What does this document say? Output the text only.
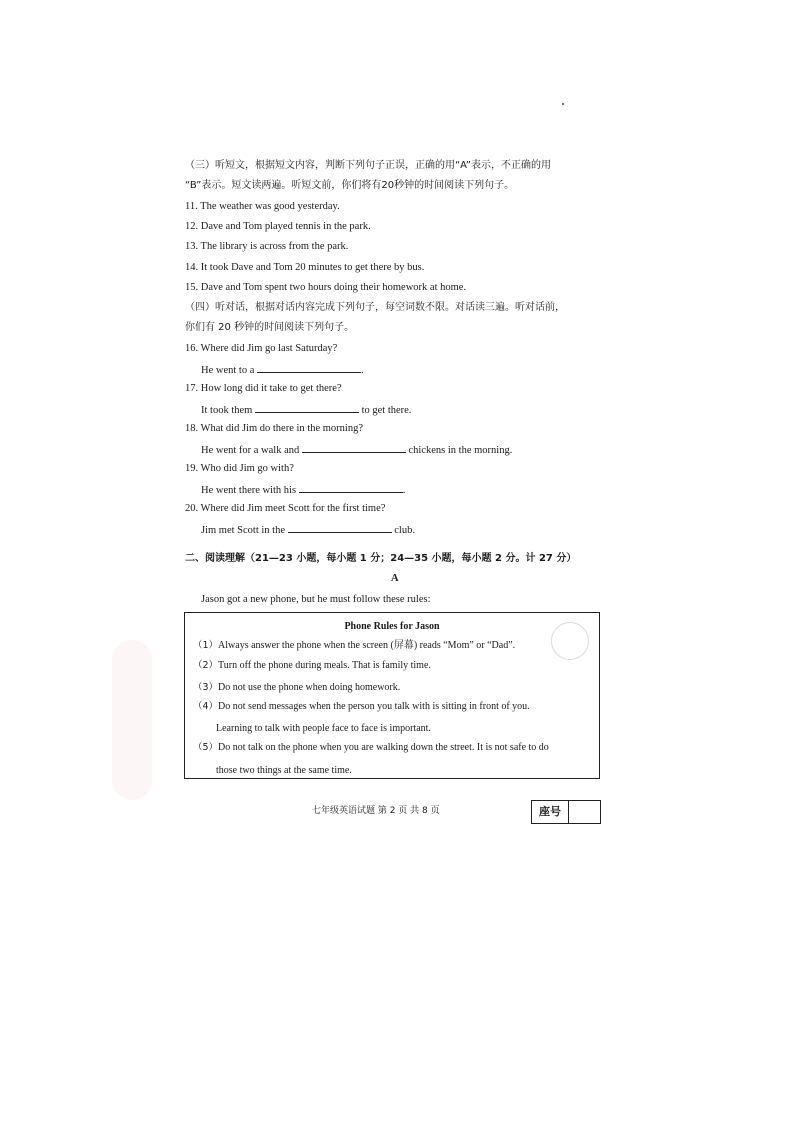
（三）听短文，根据短文内容，判断下列句子正误，正确的用“A”表示，不正确的用
“B”表示。短文读两遍。听短文前，你们将有20秒钟的时间阅读下列句子。
11. The weather was good yesterday.
12. Dave and Tom played tennis in the park.
13. The library is across from the park.
14. It took Dave and Tom 20 minutes to get there by bus.
15. Dave and Tom spent two hours doing their homework at home.
（四）听对话，根据对话内容完成下列句子，每空词数不限。对话读三遍。听对话前，
你们有 20 秒钟的时间阅读下列句子。
16. Where did Jim go last Saturday?
He went to a	.
17. How long did it take to get there?
It took them	to get there.
18. What did Jim do there in the morning?
He went for a walk and	chickens in the morning.
19. Who did Jim go with?
He went there with his	.
20. Where did Jim meet Scott for the first time?
Jim met Scott in the	club.
二、阅读理解（21—23 小题，每小题 1 分；24—35 小题，每小题 2 分。计 27 分）
A
Jason got a new phone, but he must follow these rules:
Phone Rules for Jason
（1）Always answer the phone when the screen (屏幕) reads “Mom” or “Dad”.
（2）Turn off the phone during meals. That is family time.
（3）Do not use the phone when doing homework.
（4）Do not send messages when the person you talk with is sitting in front of you.
Learning to talk with people face to face is important.
（5）Do not talk on the phone when you are walking down the street. It is not safe to do
those two things at the same time.
七年级英语试题 第 2 页 共 8 页	座号
